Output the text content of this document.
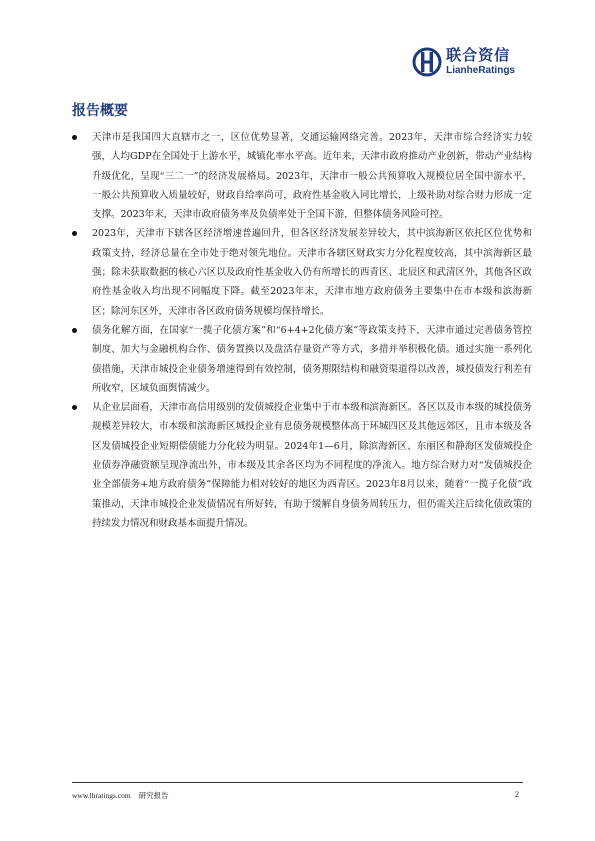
联合资信
LianheRatings
报告概要
天津市是我国四大直辖市之一，区位优势显著，交通运输网络完善。2023年，天津市综合经济实力较强，人均GDP在全国处于上游水平，城镇化率水平高。近年来，天津市政府推动产业创新，带动产业结构升级优化，呈现“三二一”的经济发展格局。2023年，天津市一般公共预算收入规模位居全国中游水平，一般公共预算收入质量较好，财政自给率尚可，政府性基金收入同比增长，上级补助对综合财力形成一定支撑。2023年末，天津市政府债务率及负债率处于全国下游，但整体债务风险可控。
2023年，天津市下辖各区经济增速普遍回升，但各区经济发展差异较大，其中滨海新区依托区位优势和政策支持，经济总量在全市处于绝对领先地位。天津市各辖区财政实力分化程度较高，其中滨海新区最强；除未获取数据的核心六区以及政府性基金收入仍有所增长的西青区、北辰区和武清区外，其他各区政府性基金收入均出现不同幅度下降。截至2023年末，天津市地方政府债务主要集中在市本级和滨海新区；除河东区外，天津市各区政府债务规模均保持增长。
债务化解方面，在国家“一揽子化债方案”和“6+4+2化债方案”等政策支持下，天津市通过完善债务管控制度、加大与金融机构合作、债务置换以及盘活存量资产等方式，多措并举积极化债。通过实施一系列化债措施，天津市城投企业债务增速得到有效控制，债务期限结构和融资渠道得以改善，城投债发行利差有所收窄，区域负面舆情减少。
从企业层面看，天津市高信用级别的发债城投企业集中于市本级和滨海新区。各区以及市本级的城投债务规模差异较大，市本级和滨海新区城投企业有息债务规模整体高于环城四区及其他远郊区，且市本级及各区发债城投企业短期偿债能力分化较为明显。2024年1—6月，除滨海新区、东丽区和静海区发债城投企业债券净融资额呈现净流出外，市本级及其余各区均为不同程度的净流入。地方综合财力对“发债城投企业全部债务+地方政府债务”保障能力相对较好的地区为西青区。2023年8月以来，随着“一揽子化债”政策推动，天津市城投企业发债情况有所好转，有助于缓解自身债务周转压力，但仍需关注后续化债政策的持续发力情况和财政基本面提升情况。
www.lhratings.com 研究报告	2
